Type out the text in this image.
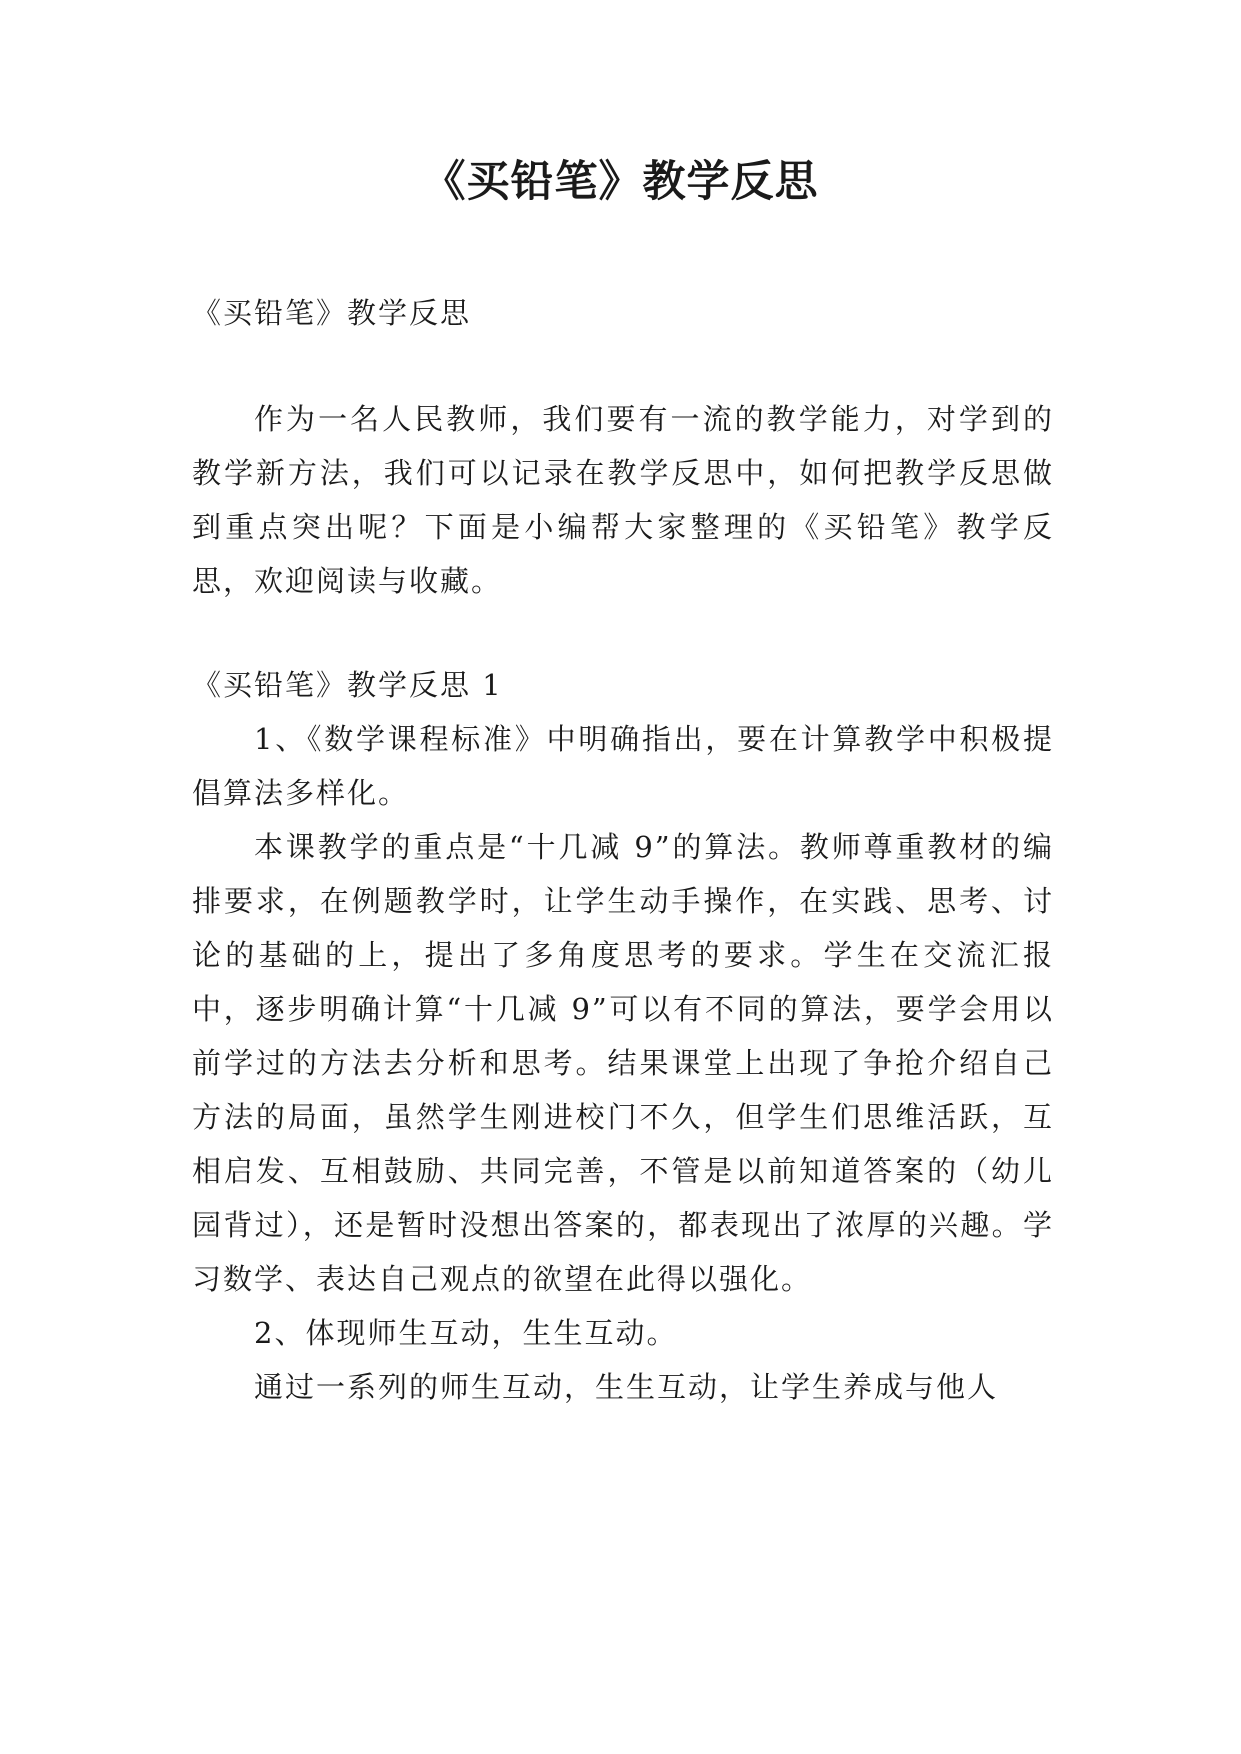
《买铅笔》教学反思

《买铅笔》教学反思

作为一名人民教师，我们要有一流的教学能力，对学到的教学新方法，我们可以记录在教学反思中，如何把教学反思做到重点突出呢？下面是小编帮大家整理的《买铅笔》教学反思，欢迎阅读与收藏。

《买铅笔》教学反思 1

1、《数学课程标准》中明确指出，要在计算教学中积极提倡算法多样化。

本课教学的重点是“十几减 9”的算法。教师尊重教材的编排要求，在例题教学时，让学生动手操作，在实践、思考、讨论的基础的上，提出了多角度思考的要求。学生在交流汇报中，逐步明确计算“十几减 9”可以有不同的算法，要学会用以前学过的方法去分析和思考。结果课堂上出现了争抢介绍自己方法的局面，虽然学生刚进校门不久，但学生们思维活跃，互相启发、互相鼓励、共同完善，不管是以前知道答案的（幼儿园背过），还是暂时没想出答案的，都表现出了浓厚的兴趣。学习数学、表达自己观点的欲望在此得以强化。

2、体现师生互动，生生互动。

通过一系列的师生互动，生生互动，让学生养成与他人
